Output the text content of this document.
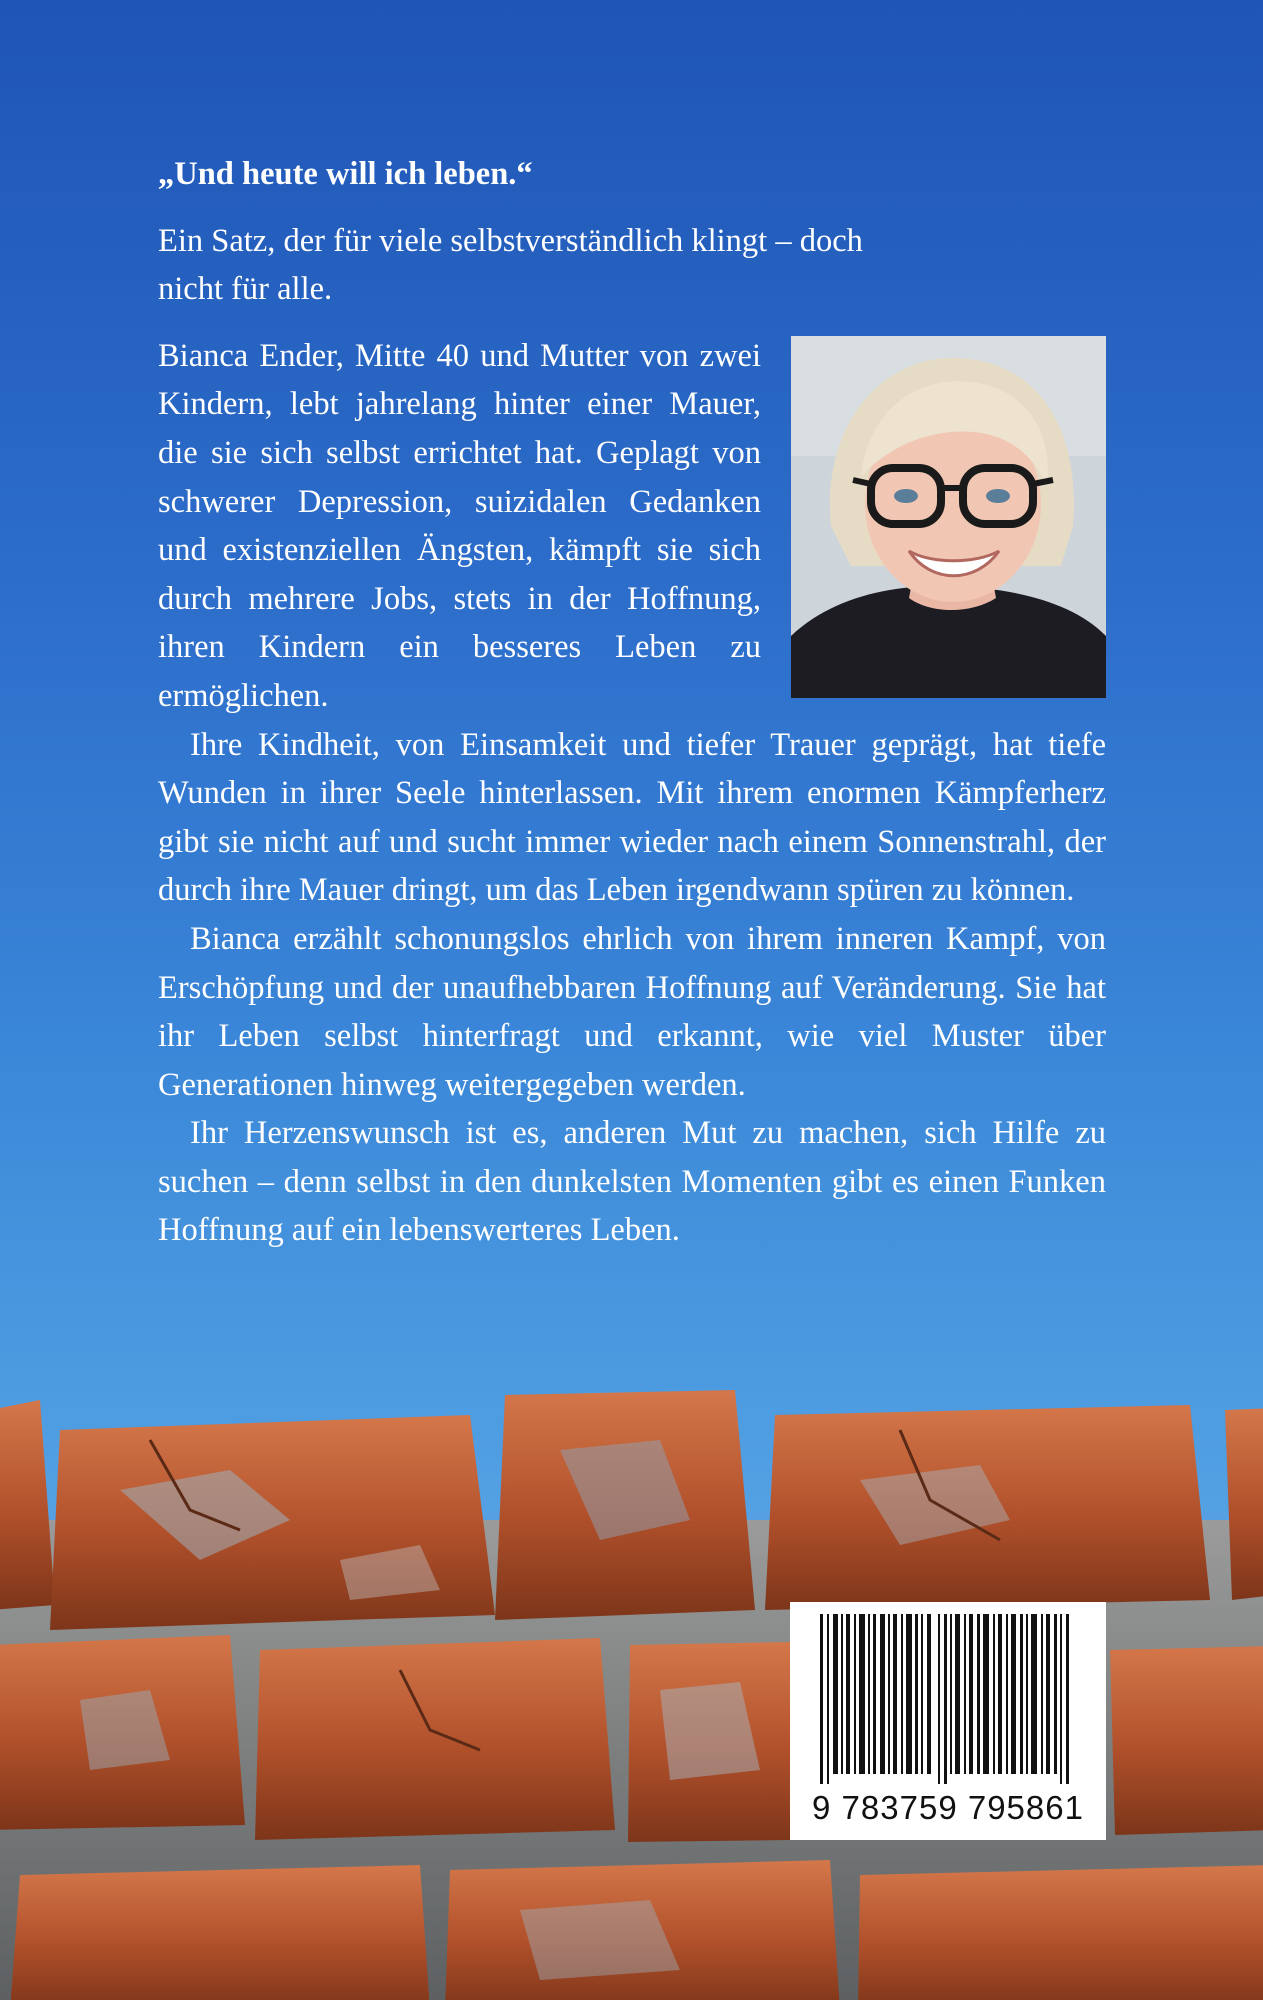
„Und heute will ich leben.“

Ein Satz, der für viele selbstverständlich klingt – doch nicht für alle.

Bianca Ender, Mitte 40 und Mutter von zwei Kindern, lebt jahrelang hinter einer Mauer, die sie sich selbst errichtet hat. Geplagt von schwerer Depression, suizidalen Gedanken und existenziellen Ängsten, kämpft sie sich durch mehrere Jobs, stets in der Hoffnung, ihren Kindern ein besseres Leben zu ermöglichen.

Ihre Kindheit, von Einsamkeit und tiefer Trauer geprägt, hat tiefe Wunden in ihrer Seele hinterlassen. Mit ihrem enormen Kämpferherz gibt sie nicht auf und sucht immer wieder nach einem Sonnenstrahl, der durch ihre Mauer dringt, um das Leben irgendwann spüren zu können.

Bianca erzählt schonungslos ehrlich von ihrem inneren Kampf, von Erschöpfung und der unaufhebbaren Hoffnung auf Veränderung. Sie hat ihr Leben selbst hinterfragt und erkannt, wie viel Muster über Generationen hinweg weitergegeben werden.

Ihr Herzenswunsch ist es, anderen Mut zu machen, sich Hilfe zu suchen – denn selbst in den dunkelsten Momenten gibt es einen Funken Hoffnung auf ein lebenswerteres Leben.

9 783759 795861
